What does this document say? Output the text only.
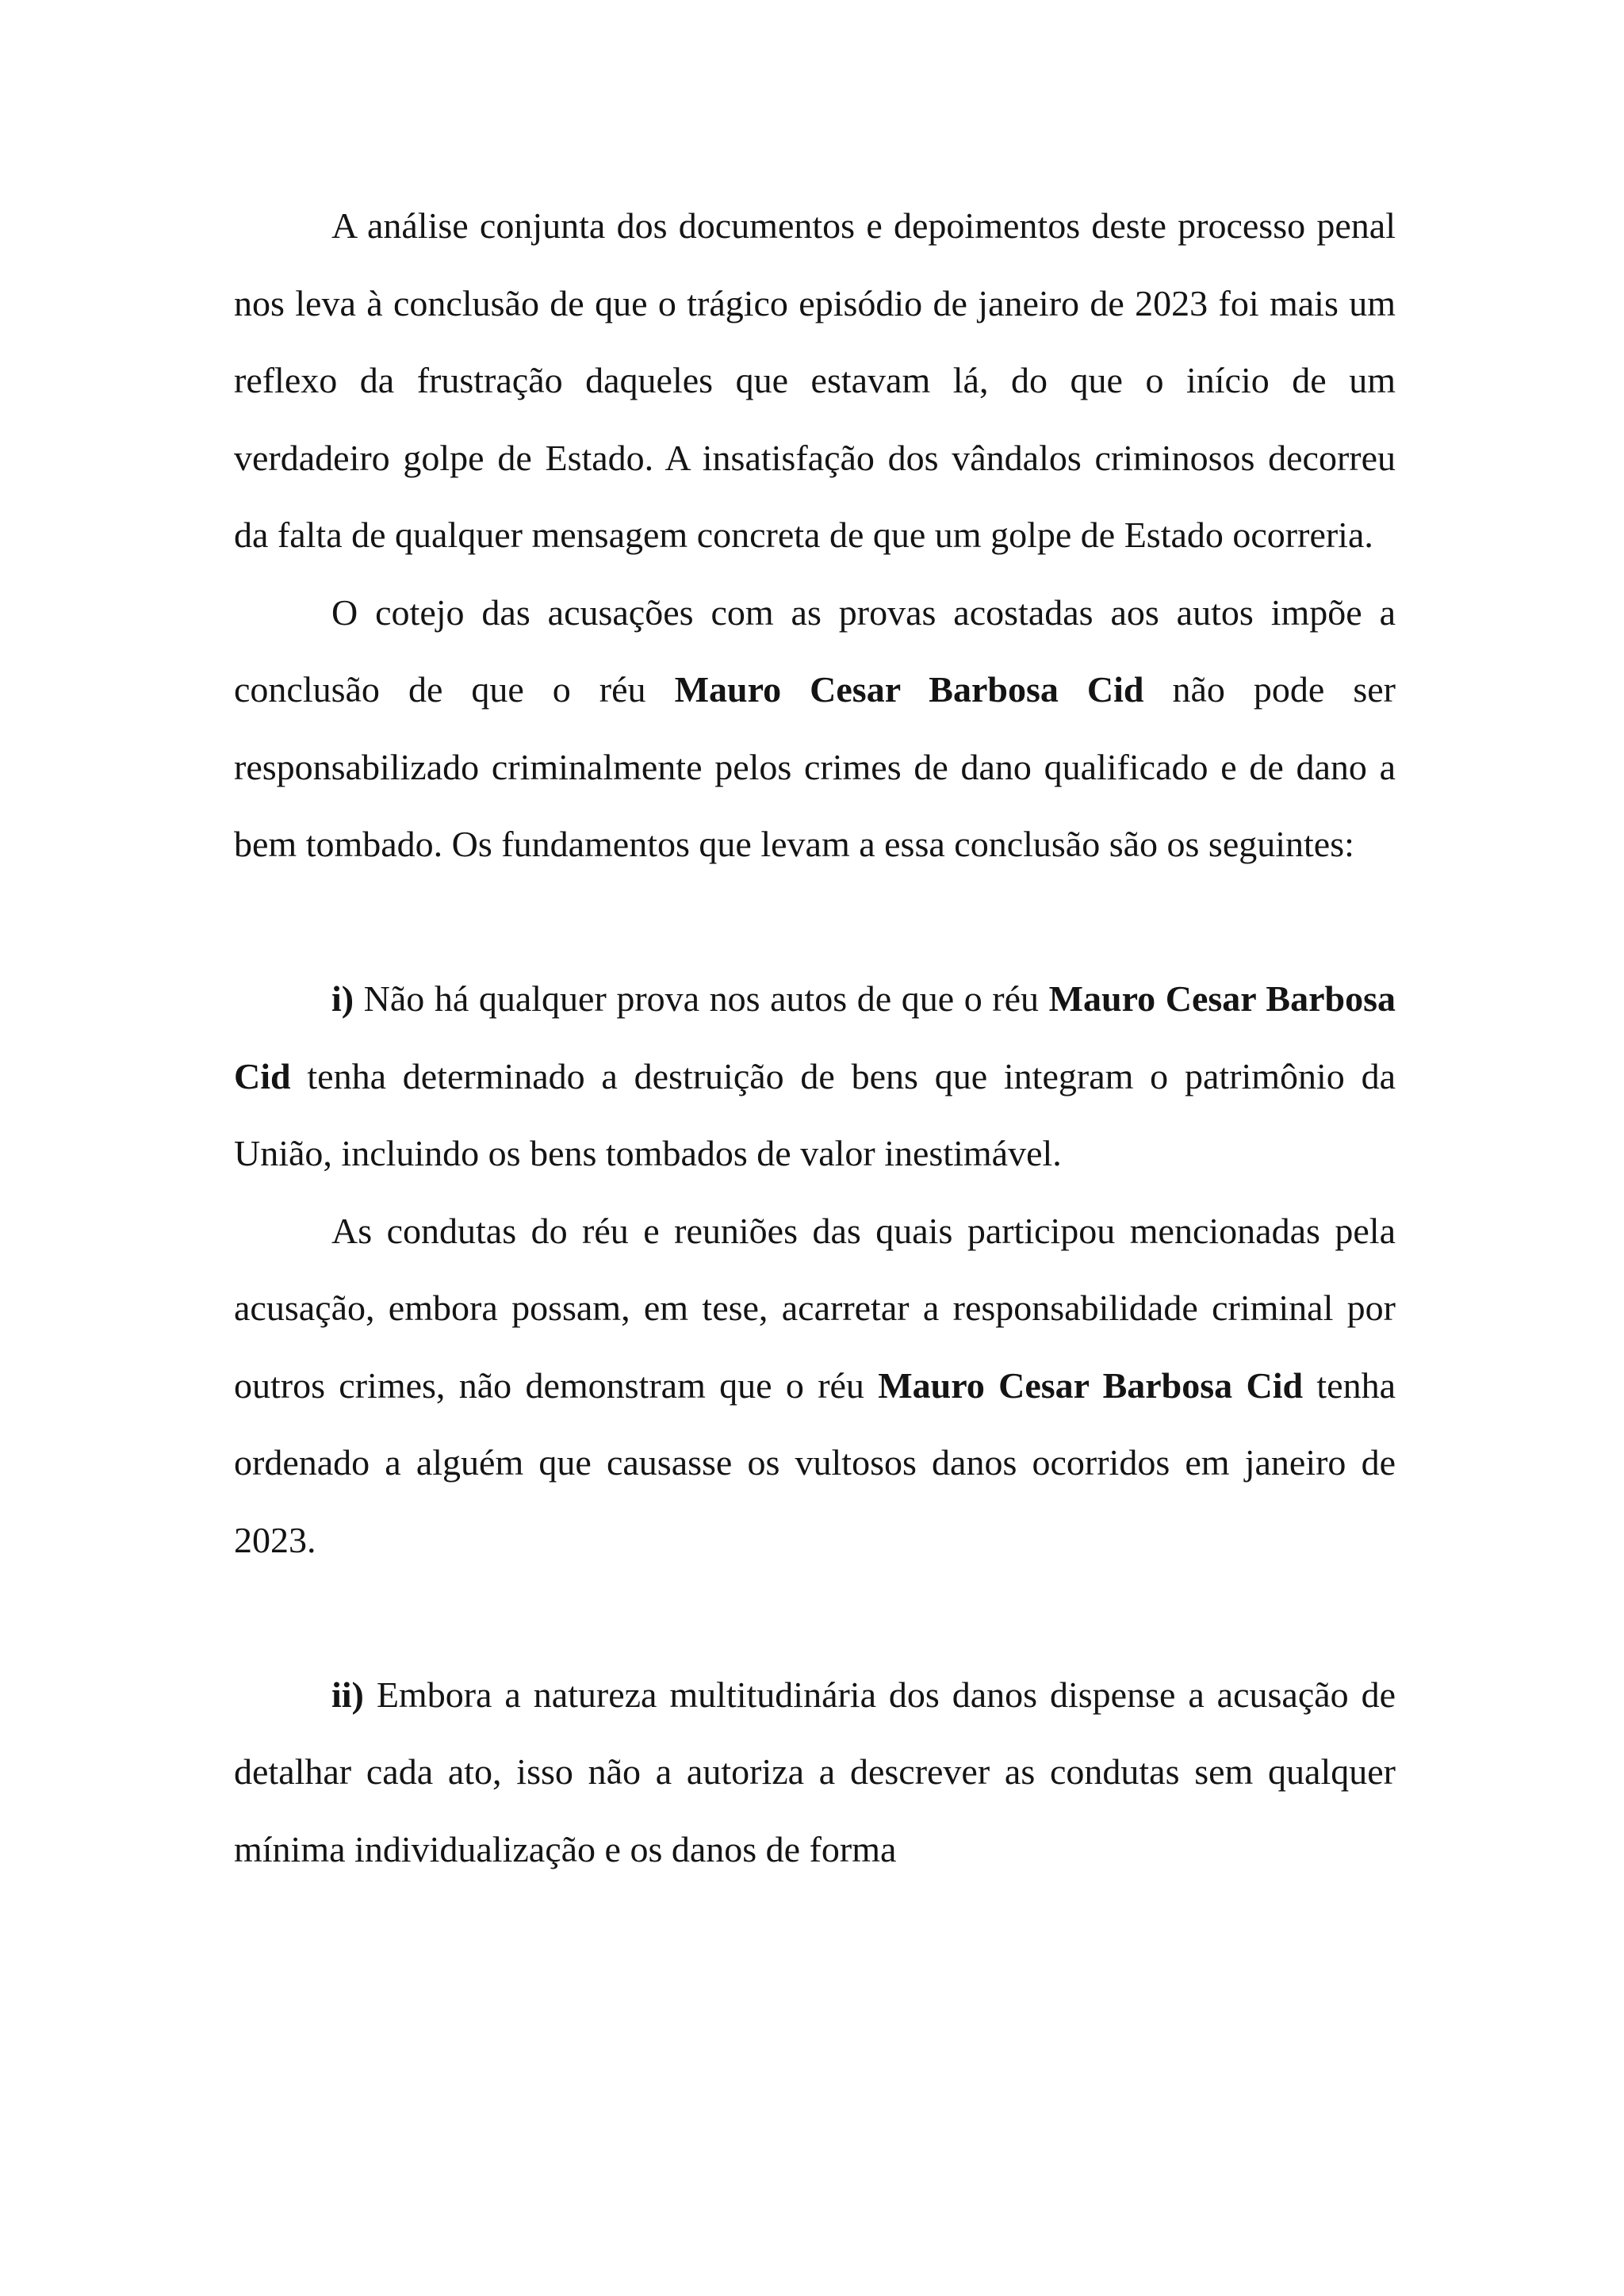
A análise conjunta dos documentos e depoimentos deste processo penal nos leva à conclusão de que o trágico episódio de janeiro de 2023 foi mais um reflexo da frustração daqueles que estavam lá, do que o início de um verdadeiro golpe de Estado. A insatisfação dos vândalos criminosos decorreu da falta de qualquer mensagem concreta de que um golpe de Estado ocorreria.

O cotejo das acusações com as provas acostadas aos autos impõe a conclusão de que o réu Mauro Cesar Barbosa Cid não pode ser responsabilizado criminalmente pelos crimes de dano qualificado e de dano a bem tombado. Os fundamentos que levam a essa conclusão são os seguintes:

i) Não há qualquer prova nos autos de que o réu Mauro Cesar Barbosa Cid tenha determinado a destruição de bens que integram o patrimônio da União, incluindo os bens tombados de valor inestimável.

As condutas do réu e reuniões das quais participou mencionadas pela acusação, embora possam, em tese, acarretar a responsabilidade criminal por outros crimes, não demonstram que o réu Mauro Cesar Barbosa Cid tenha ordenado a alguém que causasse os vultosos danos ocorridos em janeiro de 2023.

ii) Embora a natureza multitudinária dos danos dispense a acusação de detalhar cada ato, isso não a autoriza a descrever as condutas sem qualquer mínima individualização e os danos de forma
